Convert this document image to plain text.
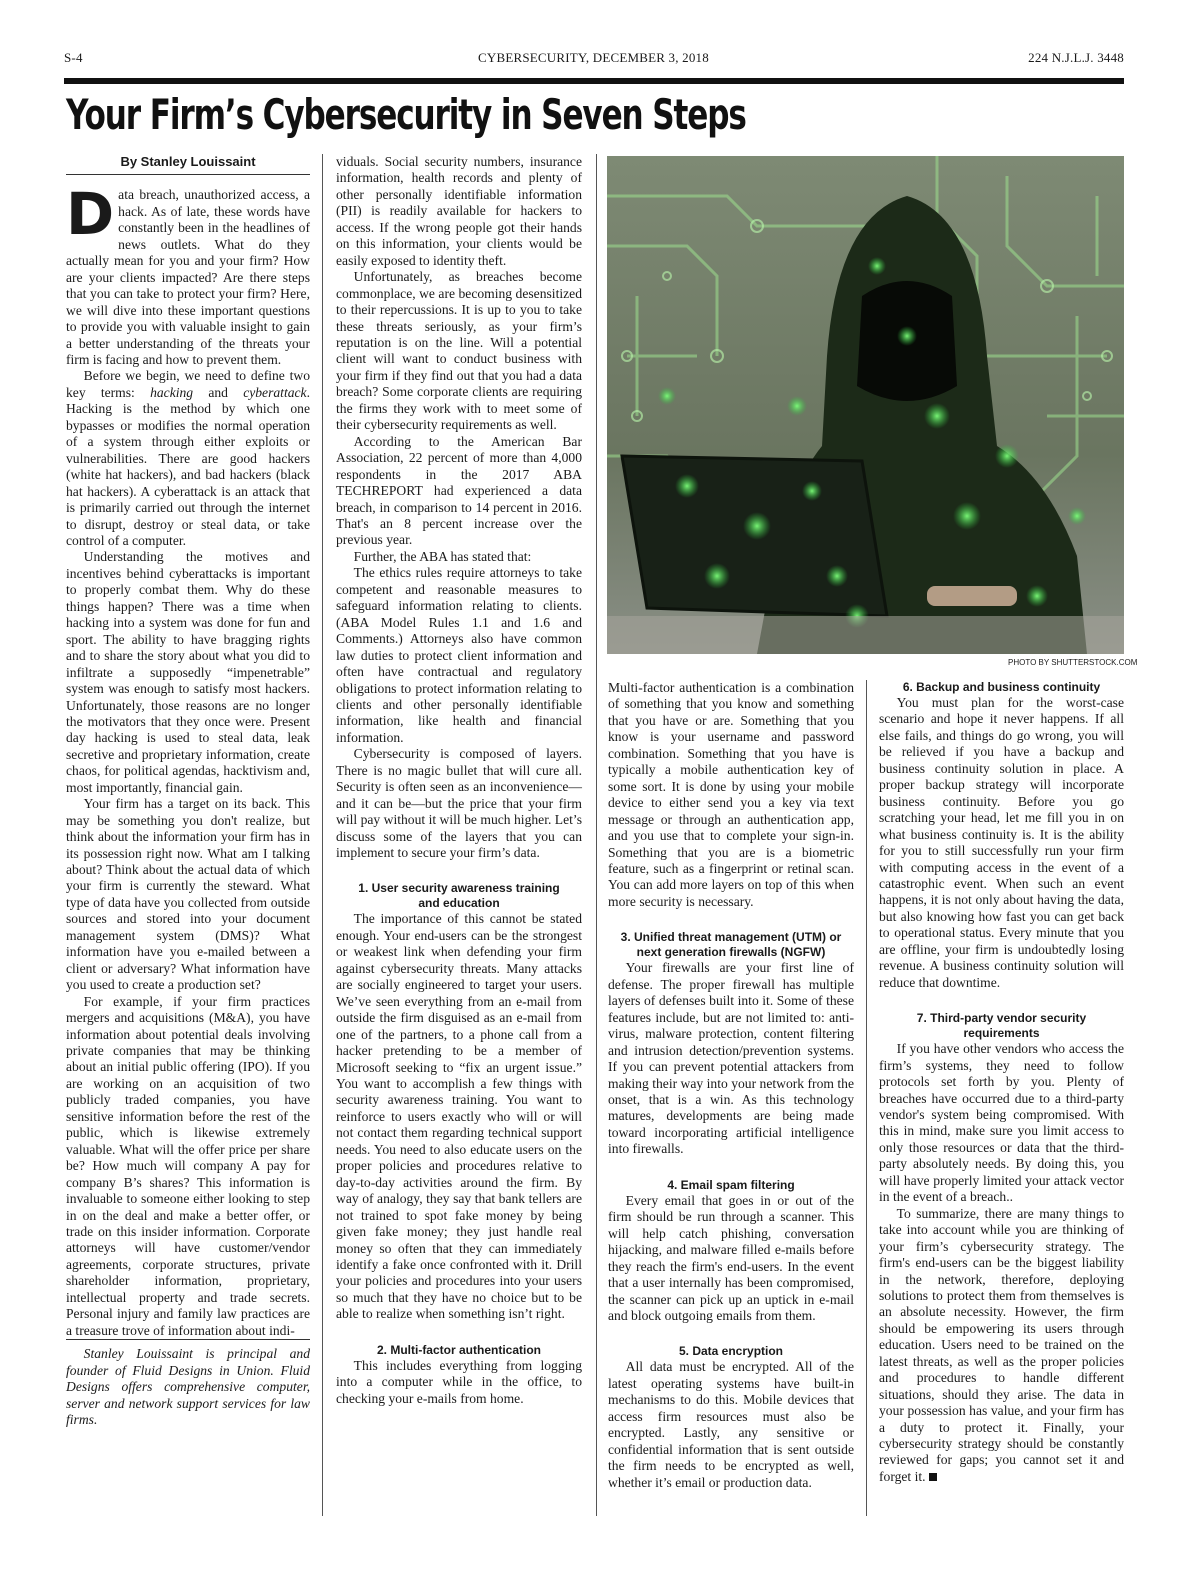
S-4	CYBERSECURITY, DECEMBER 3, 2018	224 N.J.L.J. 3448
Your Firm’s Cybersecurity in Seven Steps
By Stanley Louissaint

Data breach, unauthorized access, a hack. As of late, these words have constantly been in the headlines of news outlets. What do they actually mean for you and your firm? How are your clients impacted? Are there steps that you can take to protect your firm? Here, we will dive into these important questions to provide you with valuable insight to gain a better understanding of the threats your firm is facing and how to prevent them.

Before we begin, we need to define two key terms: hacking and cyberattack. Hacking is the method by which one bypasses or modifies the normal operation of a system through either exploits or vulnerabilities. There are good hackers (white hat hackers), and bad hackers (black hat hackers). A cyberattack is an attack that is primarily carried out through the internet to disrupt, destroy or steal data, or take control of a computer.

Understanding the motives and incentives behind cyberattacks is important to properly combat them. Why do these things happen? There was a time when hacking into a system was done for fun and sport. The ability to have bragging rights and to share the story about what you did to infiltrate a supposedly “impenetrable” system was enough to satisfy most hackers. Unfortunately, those reasons are no longer the motivators that they once were. Present day hacking is used to steal data, leak secretive and proprietary information, create chaos, for political agendas, hacktivism and, most importantly, financial gain.

Your firm has a target on its back. This may be something you don't realize, but think about the information your firm has in its possession right now. What am I talking about? Think about the actual data of which your firm is currently the steward. What type of data have you collected from outside sources and stored into your document management system (DMS)? What information have you e-mailed between a client or adversary? What information have you used to create a production set?

For example, if your firm practices mergers and acquisitions (M&A), you have information about potential deals involving private companies that may be thinking about an initial public offering (IPO). If you are working on an acquisition of two publicly traded companies, you have sensitive information before the rest of the public, which is likewise extremely valuable. What will the offer price per share be? How much will company A pay for company B’s shares? This information is invaluable to someone either looking to step in on the deal and make a better offer, or trade on this insider information. Corporate attorneys will have customer/vendor agreements, corporate structures, private shareholder information, proprietary, intellectual property and trade secrets. Personal injury and family law practices are a treasure trove of information about indi-

Stanley Louissaint is principal and founder of Fluid Designs in Union. Fluid Designs offers comprehensive computer, server and network support services for law firms.

viduals. Social security numbers, insurance information, health records and plenty of other personally identifiable information (PII) is readily available for hackers to access. If the wrong people got their hands on this information, your clients would be easily exposed to identity theft.

Unfortunately, as breaches become commonplace, we are becoming desensitized to their repercussions. It is up to you to take these threats seriously, as your firm’s reputation is on the line. Will a potential client will want to conduct business with your firm if they find out that you had a data breach? Some corporate clients are requiring the firms they work with to meet some of their cybersecurity requirements as well.

According to the American Bar Association, 22 percent of more than 4,000 respondents in the 2017 ABA TECHREPORT had experienced a data breach, in comparison to 14 percent in 2016. That's an 8 percent increase over the previous year.

Further, the ABA has stated that:

The ethics rules require attorneys to take competent and reasonable measures to safeguard information relating to clients. (ABA Model Rules 1.1 and 1.6 and Comments.) Attorneys also have common law duties to protect client information and often have contractual and regulatory obligations to protect information relating to clients and other personally identifiable information, like health and financial information.

Cybersecurity is composed of layers. There is no magic bullet that will cure all. Security is often seen as an inconvenience—and it can be—but the price that your firm will pay without it will be much higher. Let’s discuss some of the layers that you can implement to secure your firm’s data.

1. User security awareness training
and education

The importance of this cannot be stated enough. Your end-users can be the strongest or weakest link when defending your firm against cybersecurity threats. Many attacks are socially engineered to target your users. We’ve seen everything from an e-mail from outside the firm disguised as an e-mail from one of the partners, to a phone call from a hacker pretending to be a member of Microsoft seeking to “fix an urgent issue.” You want to accomplish a few things with security awareness training. You want to reinforce to users exactly who will or will not contact them regarding technical support needs. You need to also educate users on the proper policies and procedures relative to day-to-day activities around the firm. By way of analogy, they say that bank tellers are not trained to spot fake money by being given fake money; they just handle real money so often that they can immediately identify a fake once confronted with it. Drill your policies and procedures into your users so much that they have no choice but to be able to realize when something isn’t right.

2. Multi-factor authentication

This includes everything from logging into a computer while in the office, to checking your e-mails from home.

PHOTO BY SHUTTERSTOCK.COM

Multi-factor authentication is a combination of something that you know and something that you have or are. Something that you know is your username and password combination. Something that you have is typically a mobile authentication key of some sort. It is done by using your mobile device to either send you a key via text message or through an authentication app, and you use that to complete your sign-in. Something that you are is a biometric feature, such as a fingerprint or retinal scan. You can add more layers on top of this when more security is necessary.

3. Unified threat management (UTM) or
next generation firewalls (NGFW)

Your firewalls are your first line of defense. The proper firewall has multiple layers of defenses built into it. Some of these features include, but are not limited to: anti-virus, malware protection, content filtering and intrusion detection/prevention systems. If you can prevent potential attackers from making their way into your network from the onset, that is a win. As this technology matures, developments are being made toward incorporating artificial intelligence into firewalls.

4. Email spam filtering

Every email that goes in or out of the firm should be run through a scanner. This will help catch phishing, conversation hijacking, and malware filled e-mails before they reach the firm's end-users. In the event that a user internally has been compromised, the scanner can pick up an uptick in e-mail and block outgoing emails from them.

5. Data encryption

All data must be encrypted. All of the latest operating systems have built-in mechanisms to do this. Mobile devices that access firm resources must also be encrypted. Lastly, any sensitive or confidential information that is sent outside the firm needs to be encrypted as well, whether it’s email or production data.

6. Backup and business continuity

You must plan for the worst-case scenario and hope it never happens. If all else fails, and things do go wrong, you will be relieved if you have a backup and business continuity solution in place. A proper backup strategy will incorporate business continuity. Before you go scratching your head, let me fill you in on what business continuity is. It is the ability for you to still successfully run your firm with computing access in the event of a catastrophic event. When such an event happens, it is not only about having the data, but also knowing how fast you can get back to operational status. Every minute that you are offline, your firm is undoubtedly losing revenue. A business continuity solution will reduce that downtime.

7. Third-party vendor security requirements

If you have other vendors who access the firm’s systems, they need to follow protocols set forth by you. Plenty of breaches have occurred due to a third-party vendor's system being compromised. With this in mind, make sure you limit access to only those resources or data that the third-party absolutely needs. By doing this, you will have properly limited your attack vector in the event of a breach..

To summarize, there are many things to take into account while you are thinking of your firm’s cybersecurity strategy. The firm's end-users can be the biggest liability in the network, therefore, deploying solutions to protect them from themselves is an absolute necessity. However, the firm should be empowering its users through education. Users need to be trained on the latest threats, as well as the proper policies and procedures to handle different situations, should they arise. The data in your possession has value, and your firm has a duty to protect it. Finally, your cybersecurity strategy should be constantly reviewed for gaps; you cannot set it and forget it.
